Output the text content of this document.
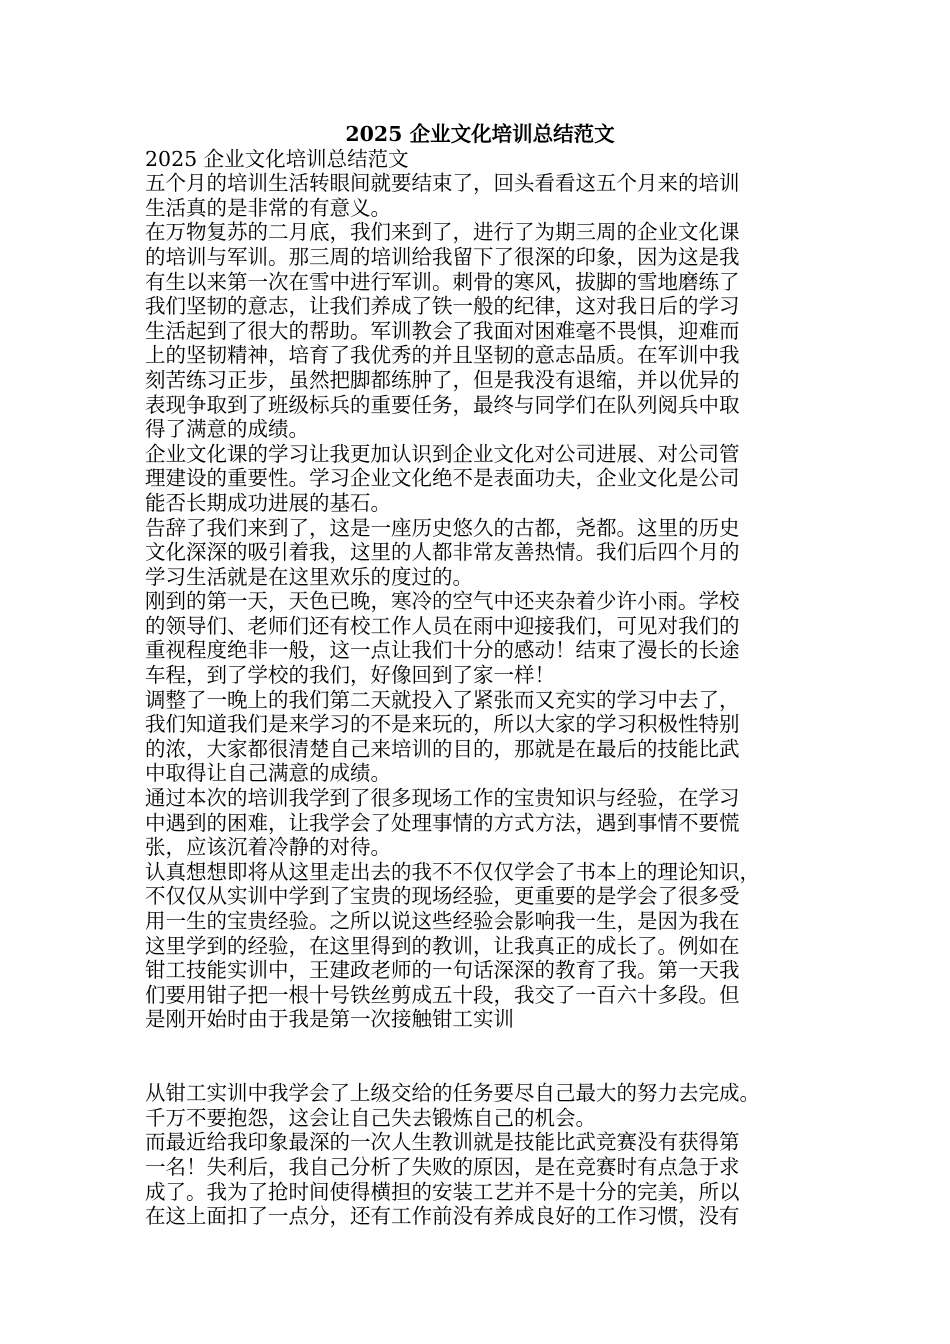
2025 企业文化培训总结范文
2025 企业文化培训总结范文
五个月的培训生活转眼间就要结束了，回头看看这五个月来的培训
生活真的是非常的有意义。
在万物复苏的二月底，我们来到了，进行了为期三周的企业文化课
的培训与军训。那三周的培训给我留下了很深的印象，因为这是我
有生以来第一次在雪中进行军训。刺骨的寒风，拔脚的雪地磨练了
我们坚韧的意志，让我们养成了铁一般的纪律，这对我日后的学习
生活起到了很大的帮助。军训教会了我面对困难毫不畏惧，迎难而
上的坚韧精神，培育了我优秀的并且坚韧的意志品质。在军训中我
刻苦练习正步，虽然把脚都练肿了，但是我没有退缩，并以优异的
表现争取到了班级标兵的重要任务，最终与同学们在队列阅兵中取
得了满意的成绩。
企业文化课的学习让我更加认识到企业文化对公司进展、对公司管
理建设的重要性。学习企业文化绝不是表面功夫，企业文化是公司
能否长期成功进展的基石。
告辞了我们来到了，这是一座历史悠久的古都，尧都。这里的历史
文化深深的吸引着我，这里的人都非常友善热情。我们后四个月的
学习生活就是在这里欢乐的度过的。
刚到的第一天，天色已晚，寒冷的空气中还夹杂着少许小雨。学校
的领导们、老师们还有校工作人员在雨中迎接我们，可见对我们的
重视程度绝非一般，这一点让我们十分的感动！结束了漫长的长途
车程，到了学校的我们，好像回到了家一样！
调整了一晚上的我们第二天就投入了紧张而又充实的学习中去了，
我们知道我们是来学习的不是来玩的，所以大家的学习积极性特别
的浓，大家都很清楚自己来培训的目的，那就是在最后的技能比武
中取得让自己满意的成绩。
通过本次的培训我学到了很多现场工作的宝贵知识与经验，在学习
中遇到的困难，让我学会了处理事情的方式方法，遇到事情不要慌
张，应该沉着冷静的对待。
认真想想即将从这里走出去的我不不仅仅学会了书本上的理论知识，
不仅仅从实训中学到了宝贵的现场经验，更重要的是学会了很多受
用一生的宝贵经验。之所以说这些经验会影响我一生，是因为我在
这里学到的经验，在这里得到的教训，让我真正的成长了。例如在
钳工技能实训中，王建政老师的一句话深深的教育了我。第一天我
们要用钳子把一根十号铁丝剪成五十段，我交了一百六十多段。但
是刚开始时由于我是第一次接触钳工实训
从钳工实训中我学会了上级交给的任务要尽自己最大的努力去完成。
千万不要抱怨，这会让自己失去锻炼自己的机会。
而最近给我印象最深的一次人生教训就是技能比武竞赛没有获得第
一名！失利后，我自己分析了失败的原因，是在竞赛时有点急于求
成了。我为了抢时间使得横担的安装工艺并不是十分的完美，所以
在这上面扣了一点分，还有工作前没有养成良好的工作习惯，没有
